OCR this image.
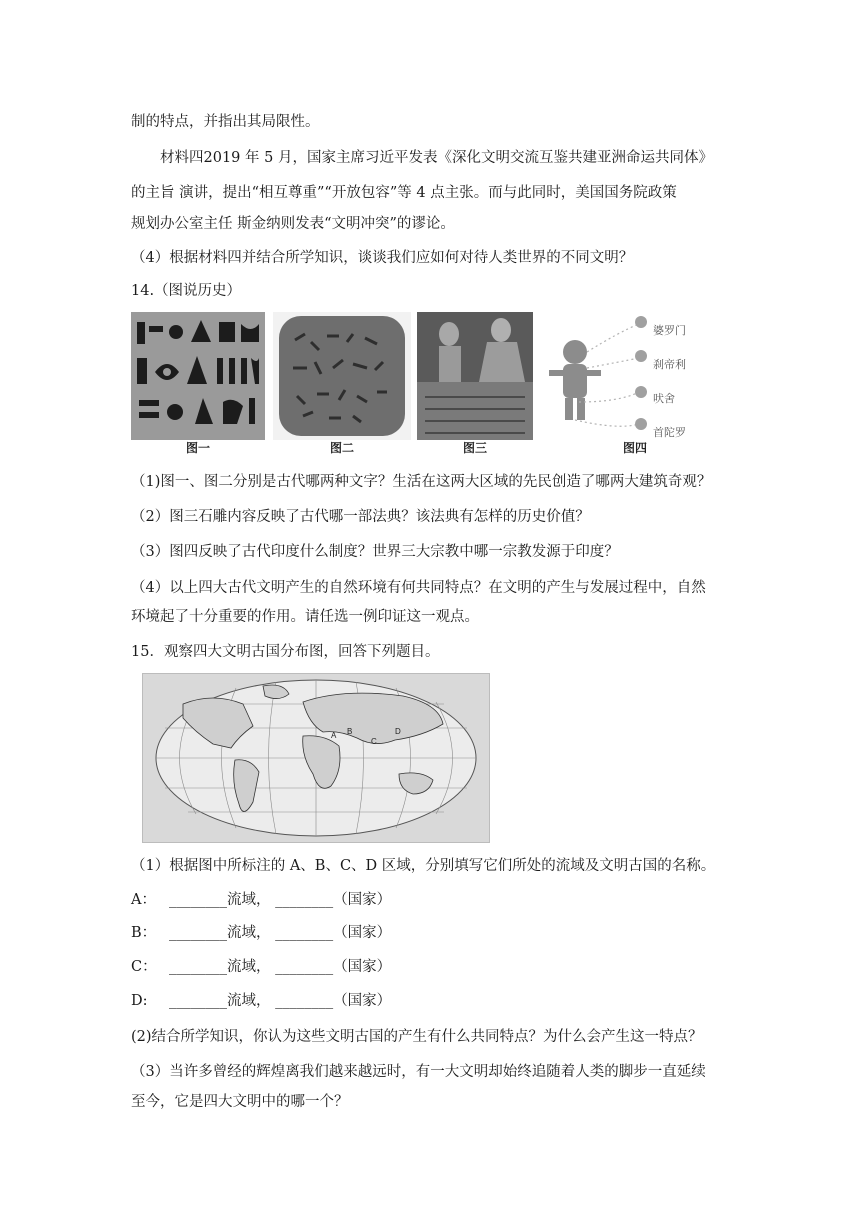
制的特点，并指出其局限性。
材料四2019 年 5 月，国家主席习近平发表《深化文明交流互鉴共建亚洲命运共同体》
的主旨 演讲，提出“相互尊重”“开放包容”等 4 点主张。而与此同时，美国国务院政策
规划办公室主任 斯金纳则发表“文明冲突”的谬论。
（4）根据材料四并结合所学知识，谈谈我们应如何对待人类世界的不同文明？
14.（图说历史）
图一	图二	图三
婆罗门
刹帝利
吠舍
首陀罗
图四
（1)图一、图二分别是古代哪两种文字？生活在这两大区域的先民创造了哪两大建筑奇观？
（2）图三石雕内容反映了古代哪一部法典？该法典有怎样的历史价值？
（3）图四反映了古代印度什么制度？世界三大宗教中哪一宗教发源于印度？
（4）以上四大古代文明产生的自然环境有何共同特点？在文明的产生与发展过程中，自然
环境起了十分重要的作用。请任选一例印证这一观点。
15．观察四大文明古国分布图，回答下列题目。
A B
C
D
（1）根据图中所标注的 A、B、C、D 区域，分别填写它们所处的流域及文明古国的名称。
A： ________流域， ________（国家）
B： ________流域， ________（国家）
C： ________流域， ________（国家）
D: ________流域， ________（国家）
(2)结合所学知识，你认为这些文明古国的产生有什么共同特点？为什么会产生这一特点？
（3）当许多曾经的辉煌离我们越来越远时，有一大文明却始终追随着人类的脚步一直延续
至今，它是四大文明中的哪一个？
